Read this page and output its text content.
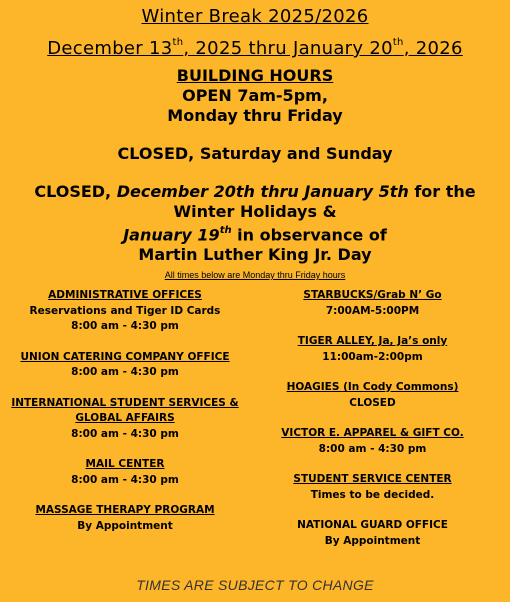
Winter Break 2025/2026
December 13th, 2025 thru January 20th, 2026
BUILDING HOURS
OPEN 7am-5pm,
Monday thru Friday
CLOSED, Saturday and Sunday
CLOSED, December 20th thru January 5th for the
Winter Holidays &
January 19th in observance of
Martin Luther King Jr. Day
All times below are Monday thru Friday hours
ADMINISTRATIVE OFFICES
Reservations and Tiger ID Cards
8:00 am - 4:30 pm
UNION CATERING COMPANY OFFICE
8:00 am - 4:30 pm
INTERNATIONAL STUDENT SERVICES &
GLOBAL AFFAIRS
8:00 am - 4:30 pm
MAIL CENTER
8:00 am - 4:30 pm
MASSAGE THERAPY PROGRAM
By Appointment
STARBUCKS/Grab N’ Go
7:00AM-5:00PM
TIGER ALLEY, Ja, Ja’s only
11:00am-2:00pm
HOAGIES (In Cody Commons)
CLOSED
VICTOR E. APPAREL & GIFT CO.
8:00 am - 4:30 pm
STUDENT SERVICE CENTER
Times to be decided.
NATIONAL GUARD OFFICE
By Appointment
TIMES ARE SUBJECT TO CHANGE
